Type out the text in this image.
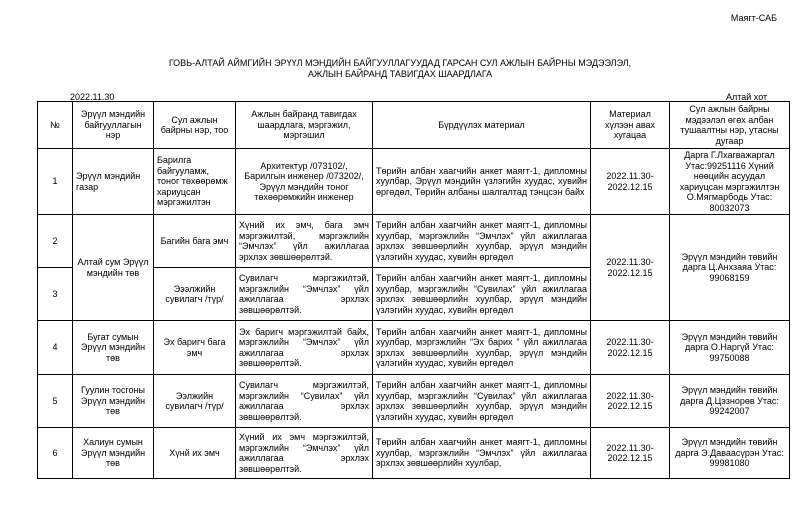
Маягт-САБ
ГОВЬ-АЛТАЙ АЙМГИЙН ЭРҮҮЛ МЭНДИЙН БАЙГУУЛЛАГУУДАД ГАРСАН СУЛ АЖЛЫН БАЙРНЫ МЭДЭЭЛЭЛ,
АЖЛЫН БАЙРАНД ТАВИГДАХ ШААРДЛАГА
2022.11.30	Алтай хот
№	Эрүүл мэндийн байгууллагын нэр	Сул ажлын байрны нэр, тоо	Ажлын байранд тавигдах шаардлага, мэргэжил, мэргэшил	Бүрдүүлэх материал	Материал хүлээн авах хугацаа	Сул ажлын байрны мэдээлэл өгөх албан тушаалтны нэр, утасны дугаар
1	Эрүүл мэндийн газар	Барилга байгууламж, тоног төхөөрөмж хариуцсан мэргэжилтэн	Архитектур /073102/, Барилгын инженер /073202/, Эрүүл мэндийн тоног төхөөрөмжийн инженер	Төрийн албан хаагчийн анкет маягт-1, дипломны хуулбар, Эрүүл мэндийн үзлэгийн хуудас, хувийн өргөдөл, Төрийн албаны шалгалтад тэнцсэн байх	2022.11.30- 2022.12.15	Дарга Г.Лхагважаргал Утас:99251116 Хүний нөөцийн асуудал хариуцсан мэргэжилтэн О.Мягмарбодь Утас: 80032073
2	Алтай сум Эрүүл мэндийн төв	Багийн бага эмч	Хүний их эмч, бага эмч мэргэжилтэй, мэргэжлийн “Эмчлэх” үйл ажиллагаа эрхлэх зөвшөөрөлтэй.	Төрийн албан хаагчийн анкет маягт-1, дипломны хуулбар, мэргэжлийн “Эмчлэх” үйл ажиллагаа эрхлэх зөвшөөрлийн хуулбар, эрүүл мэндийн үзлэгийн хуудас, хувийн өргөдөл	2022.11.30- 2022.12.15	Эрүүл мэндийн төвийн дарга Ц.Анхзаяа Утас: 99068159
3		Эээлжийн сувилагч /түр/	Сувилагч мэргэжилтэй, мэргэжлийн “Эмчлэх” үйл ажиллагаа эрхлэх зөвшөөрөлтэй.	Төрийн албан хаагчийн анкет маягт-1, дипломны хуулбар, мэргэжлийн “Сувилах” үйл ажиллагаа эрхлэх зөвшөөрлийн хуулбар, эрүүл мэндийн үзлэгийн хуудас, хувийн өргөдөл		
4	Бугат сумын Эрүүл мэндийн төв	Эх баригч бага эмч	Эх баригч мэргэжилтэй байх, мэргэжлийн “Эмчлэх” үйл ажиллагаа эрхлэх зөвшөөрөлтэй.	Төрийн албан хаагчийн анкет маягт-1, дипломны хуулбар, мэргэжлийн “Эх барих ” үйл ажиллагаа эрхлэх зөвшөөрлийн хуулбар, эрүүл мэндийн үзлэгийн хуудас, хувийн өргөдөл	2022.11.30- 2022.12.15	Эрүүл мэндийн төвийн дарга О.Наргүй Утас: 99750088
5	Гуулин тосгоны Эрүүл мэндийн төв	Ээлжийн сувилагч /түр/	Сувилагч мэргэжилтэй, мэргэжлийн “Сувилах” үйл ажиллагаа эрхлэх зөвшөөрөлтэй.	Төрийн албан хаагчийн анкет маягт-1, дипломны хуулбар, мэргэжлийн “Сувилах” үйл ажиллагаа эрхлэх зөвшөөрлийн хуулбар, эрүүл мэндийн үзлэгийн хуудас, хувийн өргөдөл	2022.11.30- 2022.12.15	Эрүүл мэндийн төвийн дарга Д.Цэзнорөв Утас: 99242007
6	Халиун сумын Эрүүл мэндийн төв	Хүнй их эмч	Хүний их эмч мэргэжилтэй, мэргэжлийн “Эмчлэх” үйл ажиллагаа эрхлэх зөвшөөрөлтэй.	Төрийн албан хаагчийн анкет маягт-1, дипломны хуулбар, мэргэжлийн “Эмчлэх” үйл ажиллагаа эрхлэх зөвшөөрлийн хуулбар,	2022.11.30- 2022.12.15	Эрүүл мэндийн төвийн дарга Э.Даваасүрэн Утас: 99981080
